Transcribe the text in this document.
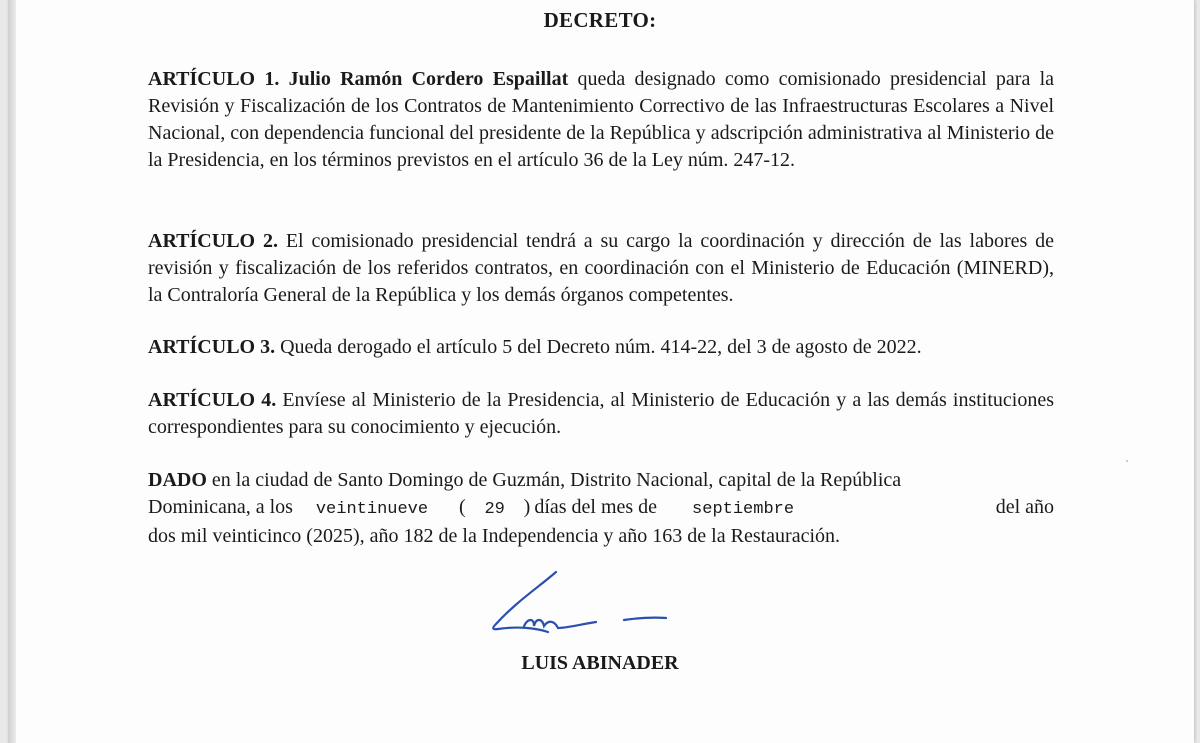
DECRETO:
ARTÍCULO 1. Julio Ramón Cordero Espaillat queda designado como comisionado presidencial para la Revisión y Fiscalización de los Contratos de Mantenimiento Correctivo de las Infraestructuras Escolares a Nivel Nacional, con dependencia funcional del presidente de la República y adscripción administrativa al Ministerio de la Presidencia, en los términos previstos en el artículo 36 de la Ley núm. 247-12.
ARTÍCULO 2. El comisionado presidencial tendrá a su cargo la coordinación y dirección de las labores de revisión y fiscalización de los referidos contratos, en coordinación con el Ministerio de Educación (MINERD), la Contraloría General de la República y los demás órganos competentes.
ARTÍCULO 3. Queda derogado el artículo 5 del Decreto núm. 414-22, del 3 de agosto de 2022.
ARTÍCULO 4. Envíese al Ministerio de la Presidencia, al Ministerio de Educación y a las demás instituciones correspondientes para su conocimiento y ejecución.
DADO en la ciudad de Santo Domingo de Guzmán, Distrito Nacional, capital de la República
Dominicana, a los	veintinueve	(	29 ) días del mes de	septiembre	del año
dos mil veinticinco (2025), año 182 de la Independencia y año 163 de la Restauración.
LUIS ABINADER
